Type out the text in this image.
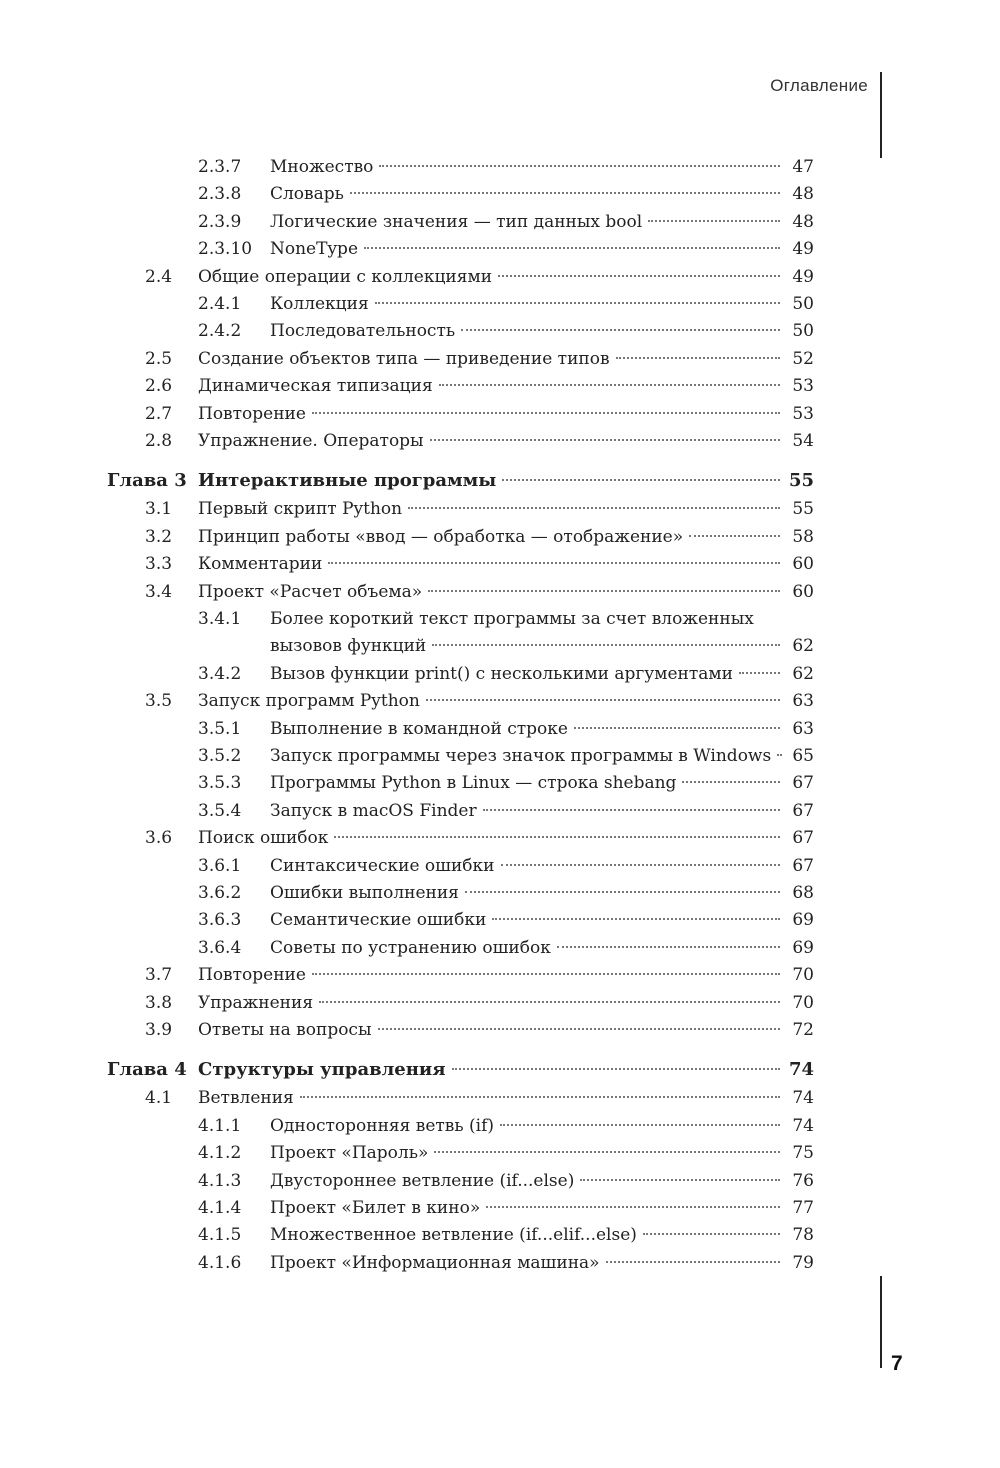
Оглавление
2.3.7 Множество	47
2.3.8 Словарь	48
2.3.9 Логические значения — тип данных bool	48
2.3.10 NoneType	49
2.4 Общие операции с коллекциями	49
2.4.1 Коллекция	50
2.4.2 Последовательность	50
2.5 Создание объектов типа — приведение типов	52
2.6 Динамическая типизация	53
2.7 Повторение	53
2.8 Упражнение. Операторы	54
Глава 3 Интерактивные программы	55
3.1 Первый скрипт Python	55
3.2 Принцип работы «ввод — обработка — отображение»	58
3.3 Комментарии	60
3.4 Проект «Расчет объема»	60
3.4.1 Более короткий текст программы за счет вложенных
вызовов функций	62
3.4.2 Вызов функции print() с несколькими аргументами	62
3.5 Запуск программ Python	63
3.5.1 Выполнение в командной строке	63
3.5.2 Запуск программы через значок программы в Windows	65
3.5.3 Программы Python в Linux — строка shebang	67
3.5.4 Запуск в macOS Finder	67
3.6 Поиск ошибок	67
3.6.1 Синтаксические ошибки	67
3.6.2 Ошибки выполнения	68
3.6.3 Семантические ошибки	69
3.6.4 Советы по устранению ошибок	69
3.7 Повторение	70
3.8 Упражнения	70
3.9 Ответы на вопросы	72
Глава 4 Структуры управления	74
4.1 Ветвления	74
4.1.1 Односторонняя ветвь (if)	74
4.1.2 Проект «Пароль»	75
4.1.3 Двустороннее ветвление (if...else)	76
4.1.4 Проект «Билет в кино»	77
4.1.5 Множественное ветвление (if...elif...else)	78
4.1.6 Проект «Информационная машина»	79
7
